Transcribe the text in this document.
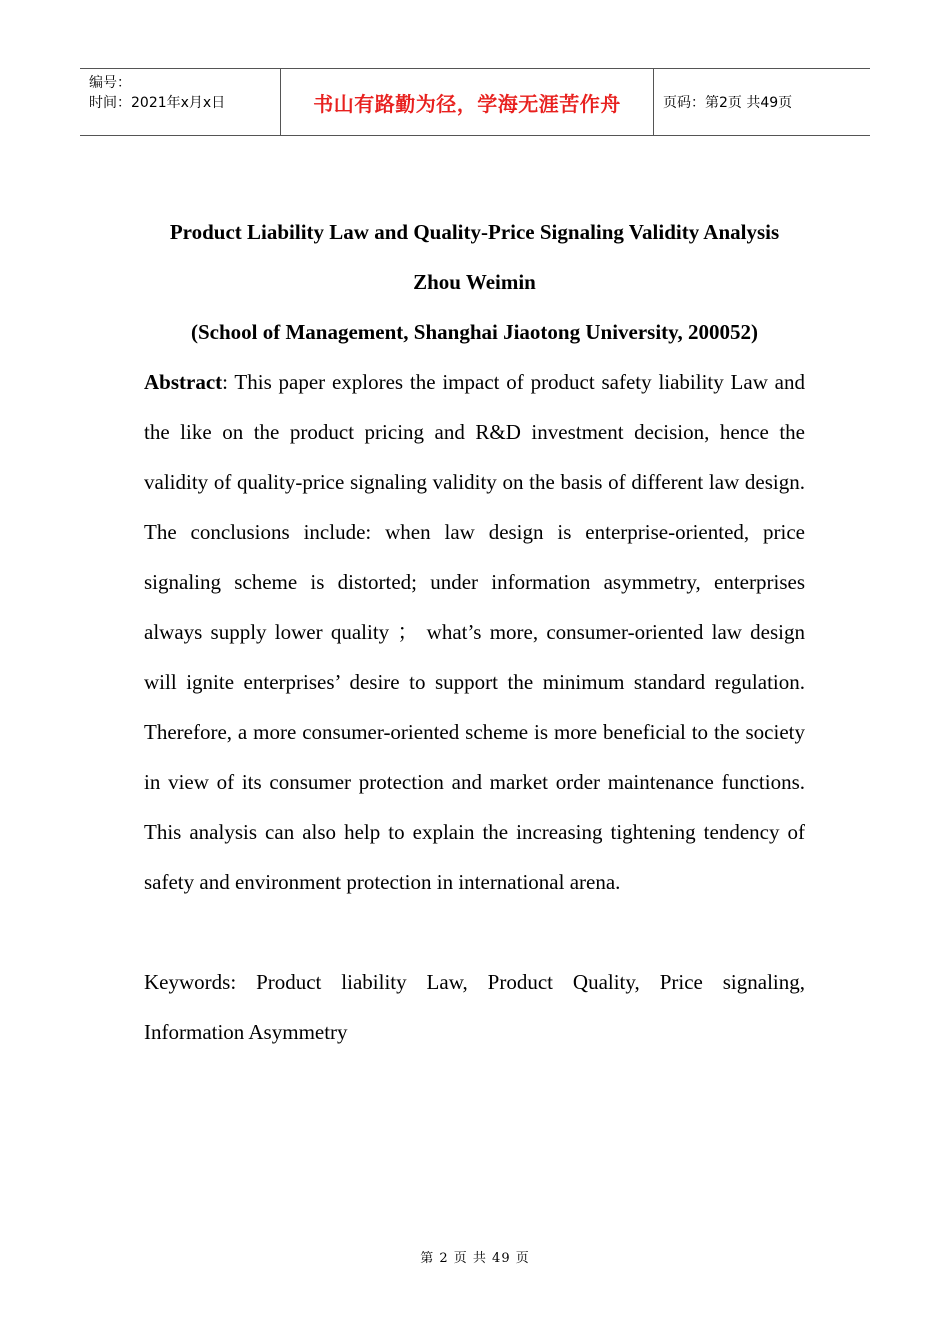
编号：
时间：2021年x月x日	书山有路勤为径，学海无涯苦作舟	页码：第2页 共49页

Product Liability Law and Quality-Price Signaling Validity Analysis

Zhou Weimin

(School of Management, Shanghai Jiaotong University, 200052)

Abstract: This paper explores the impact of product safety liability Law and the like on the product pricing and R&D investment decision, hence the validity of quality-price signaling validity on the basis of different law design. The conclusions include: when law design is enterprise-oriented, price signaling scheme is distorted; under information asymmetry, enterprises always supply lower quality ； what’s more, consumer-oriented law design will ignite enterprises’ desire to support the minimum standard regulation. Therefore, a more consumer-oriented scheme is more beneficial to the society in view of its consumer protection and market order maintenance functions. This analysis can also help to explain the increasing tightening tendency of safety and environment protection in international arena.

Keywords: Product liability Law, Product Quality, Price signaling, Information Asymmetry

第 2 页 共 49 页
